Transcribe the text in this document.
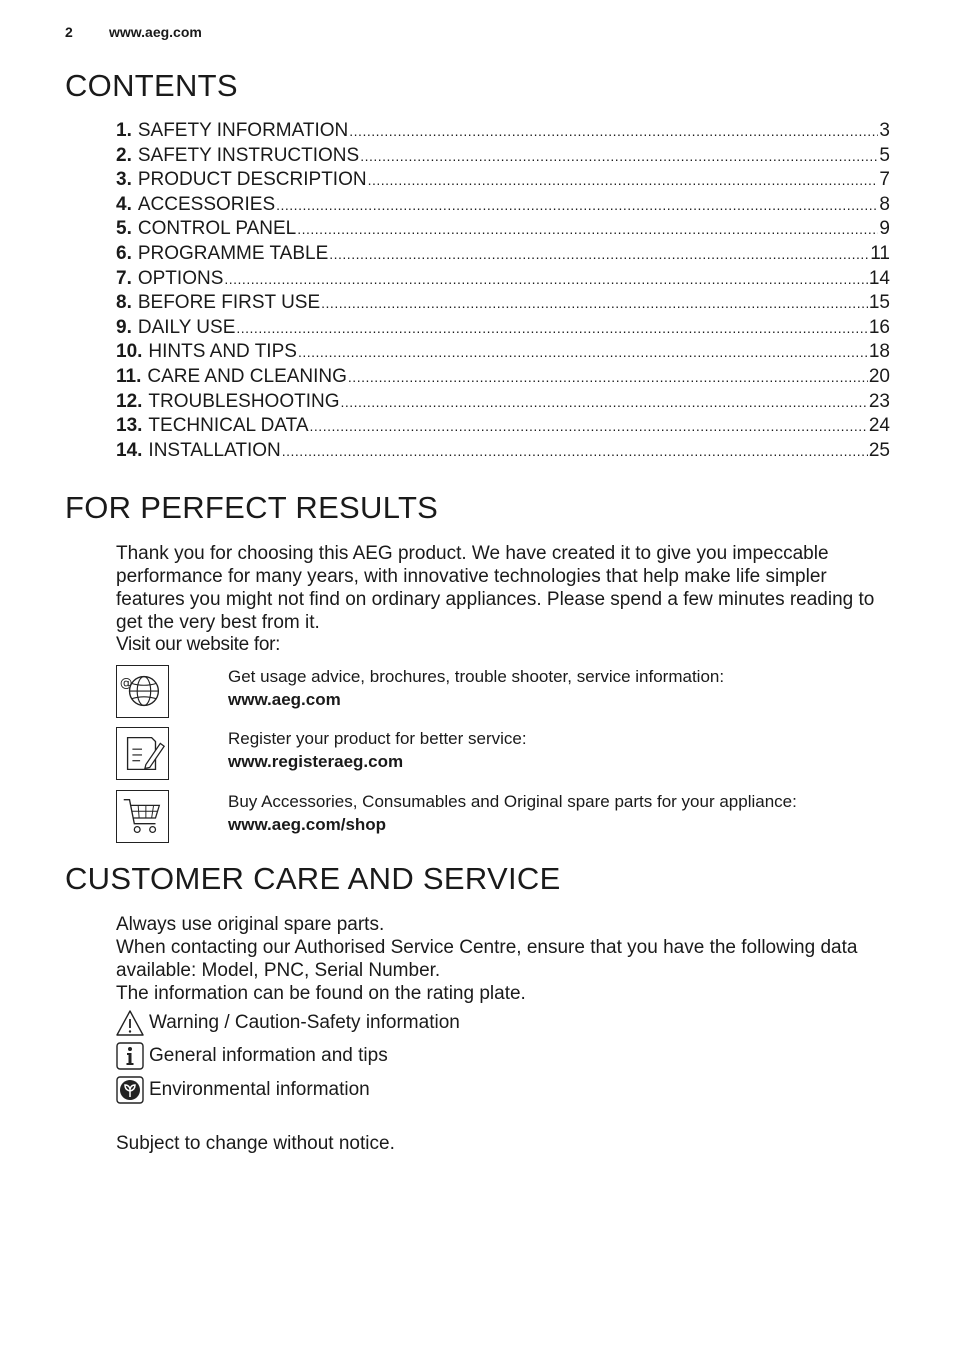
2	www.aeg.com
CONTENTS
1. SAFETY INFORMATION .....	3
2. SAFETY INSTRUCTIONS .....	5
3. PRODUCT DESCRIPTION .....	7
4. ACCESSORIES .....	8
5. CONTROL PANEL .....	9
6. PROGRAMME TABLE .....	11
7. OPTIONS .....	14
8. BEFORE FIRST USE .....	15
9. DAILY USE .....	16
10. HINTS AND TIPS .....	18
11. CARE AND CLEANING .....	20
12. TROUBLESHOOTING .....	23
13. TECHNICAL DATA .....	24
14. INSTALLATION .....	25
FOR PERFECT RESULTS

Thank you for choosing this AEG product. We have created it to give you impeccable performance for many years, with innovative technologies that help make life simpler features you might not find on ordinary appliances. Please spend a few minutes reading to get the very best from it.

Visit our website for:

@	Get usage advice, brochures, trouble shooter, service information:
www.aeg.com
Register your product for better service:
www.registeraeg.com
Buy Accessories, Consumables and Original spare parts for your appliance:
www.aeg.com/shop
CUSTOMER CARE AND SERVICE

Always use original spare parts.

When contacting our Authorised Service Centre, ensure that you have the following data available: Model, PNC, Serial Number.

The information can be found on the rating plate.

Warning / Caution-Safety information
General information and tips
Environmental information

Subject to change without notice.
